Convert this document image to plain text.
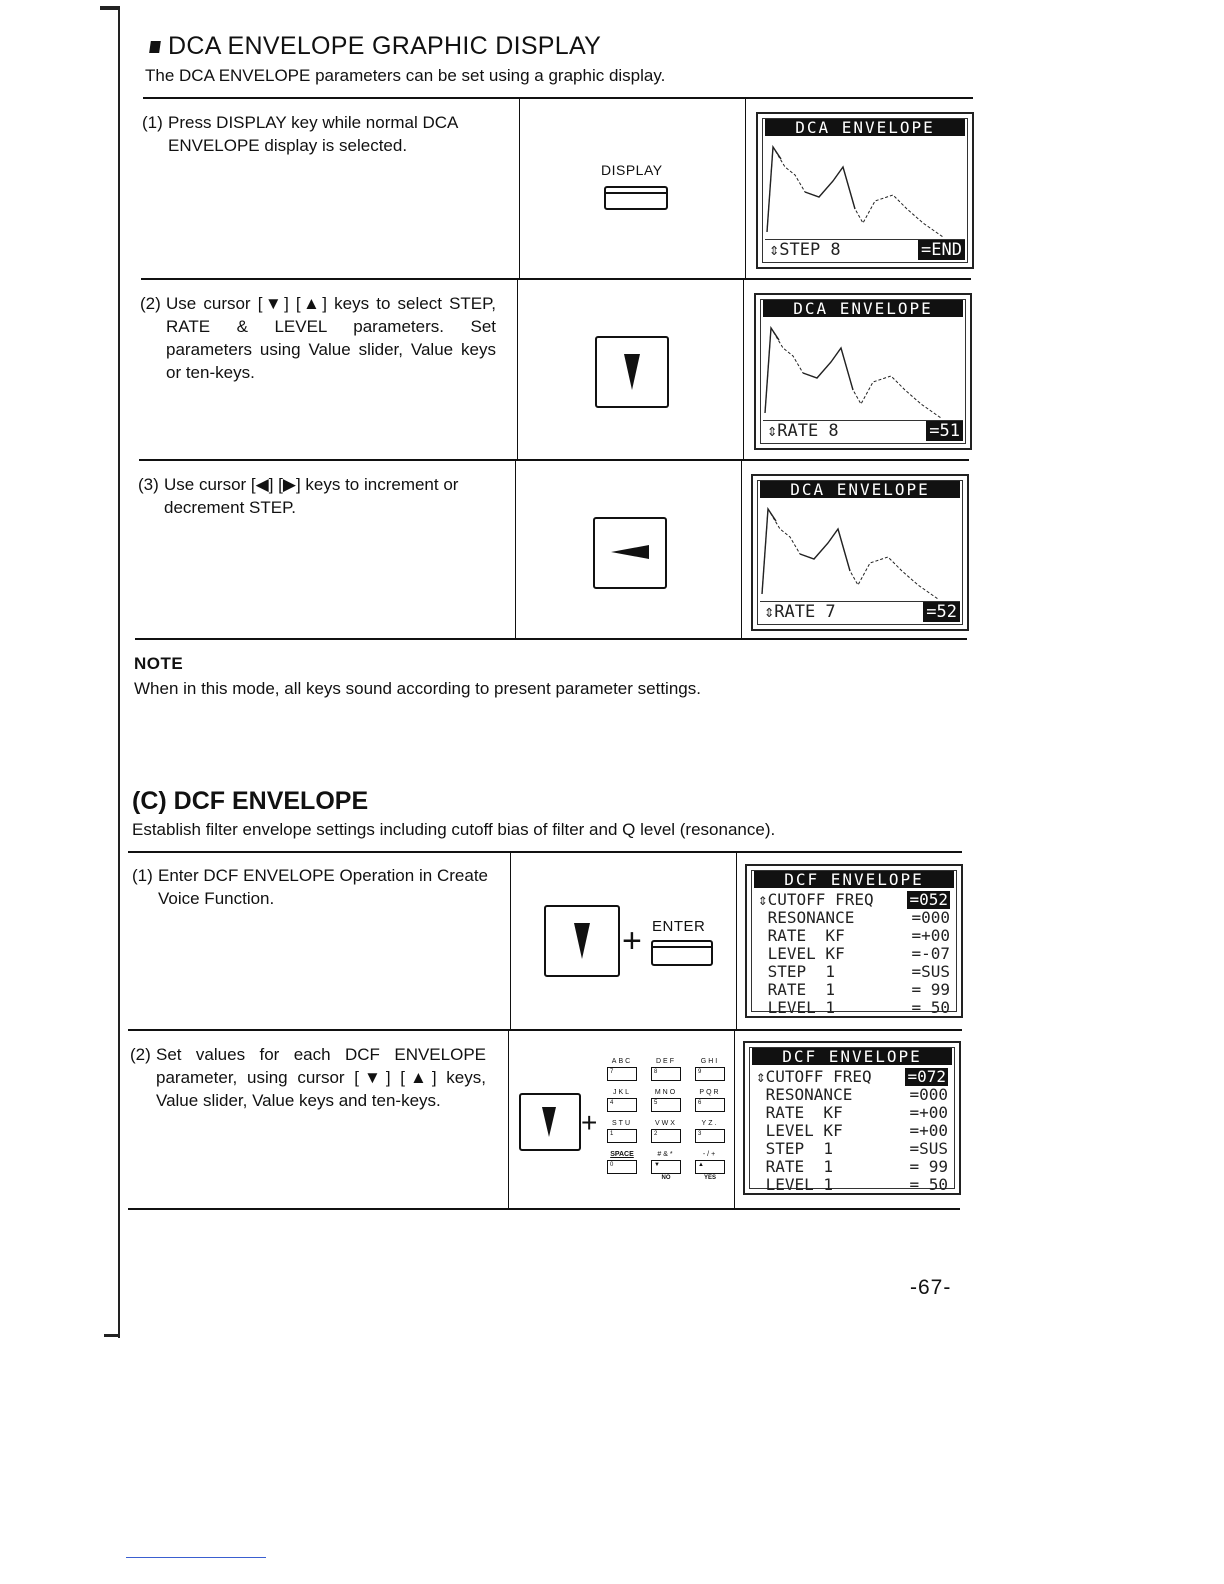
DCA ENVELOPE GRAPHIC DISPLAY
The DCA ENVELOPE parameters can be set using a graphic display.
(1) Press DISPLAY key while normal DCA ENVELOPE display is selected.
DISPLAY
DCA ENVELOPE
⇕STEP 8	=END
(2) Use cursor [▼] [▲] keys to select STEP, RATE & LEVEL parameters. Set parameters using Value slider, Value keys or ten-keys.
DCA ENVELOPE
⇕RATE 8	=51
(3) Use cursor [◀] [▶] keys to increment or decrement STEP.
DCA ENVELOPE
⇕RATE 7	=52
NOTE
When in this mode, all keys sound according to present parameter settings.
(C) DCF ENVELOPE
Establish filter envelope settings including cutoff bias of filter and Q level (resonance).
(1) Enter DCF ENVELOPE Operation in Create Voice Function.
+ ENTER
DCF ENVELOPE
⇕CUTOFF FREQ =052
RESONANCE	=000
RATE  KF	=+00
LEVEL KF	=-07
STEP  1	=SUS
RATE  1	= 99
LEVEL 1	= 50
(2) Set values for each DCF ENVELOPE parameter, using cursor [▼] [▲] keys, Value slider, Value keys and ten-keys.
+
ABC
7
DEF
8
GHI
9
JKL
4
MNO
5
PQR
6
STU
1
VWX
2
YZ.
3
SPACE
0
#&*
▼
NO
-/+
▲
YES
DCF ENVELOPE
⇕CUTOFF FREQ =072
RESONANCE	=000
RATE  KF	=+00
LEVEL KF	=+00
STEP  1	=SUS
RATE  1	= 99
LEVEL 1	= 50
-67-
